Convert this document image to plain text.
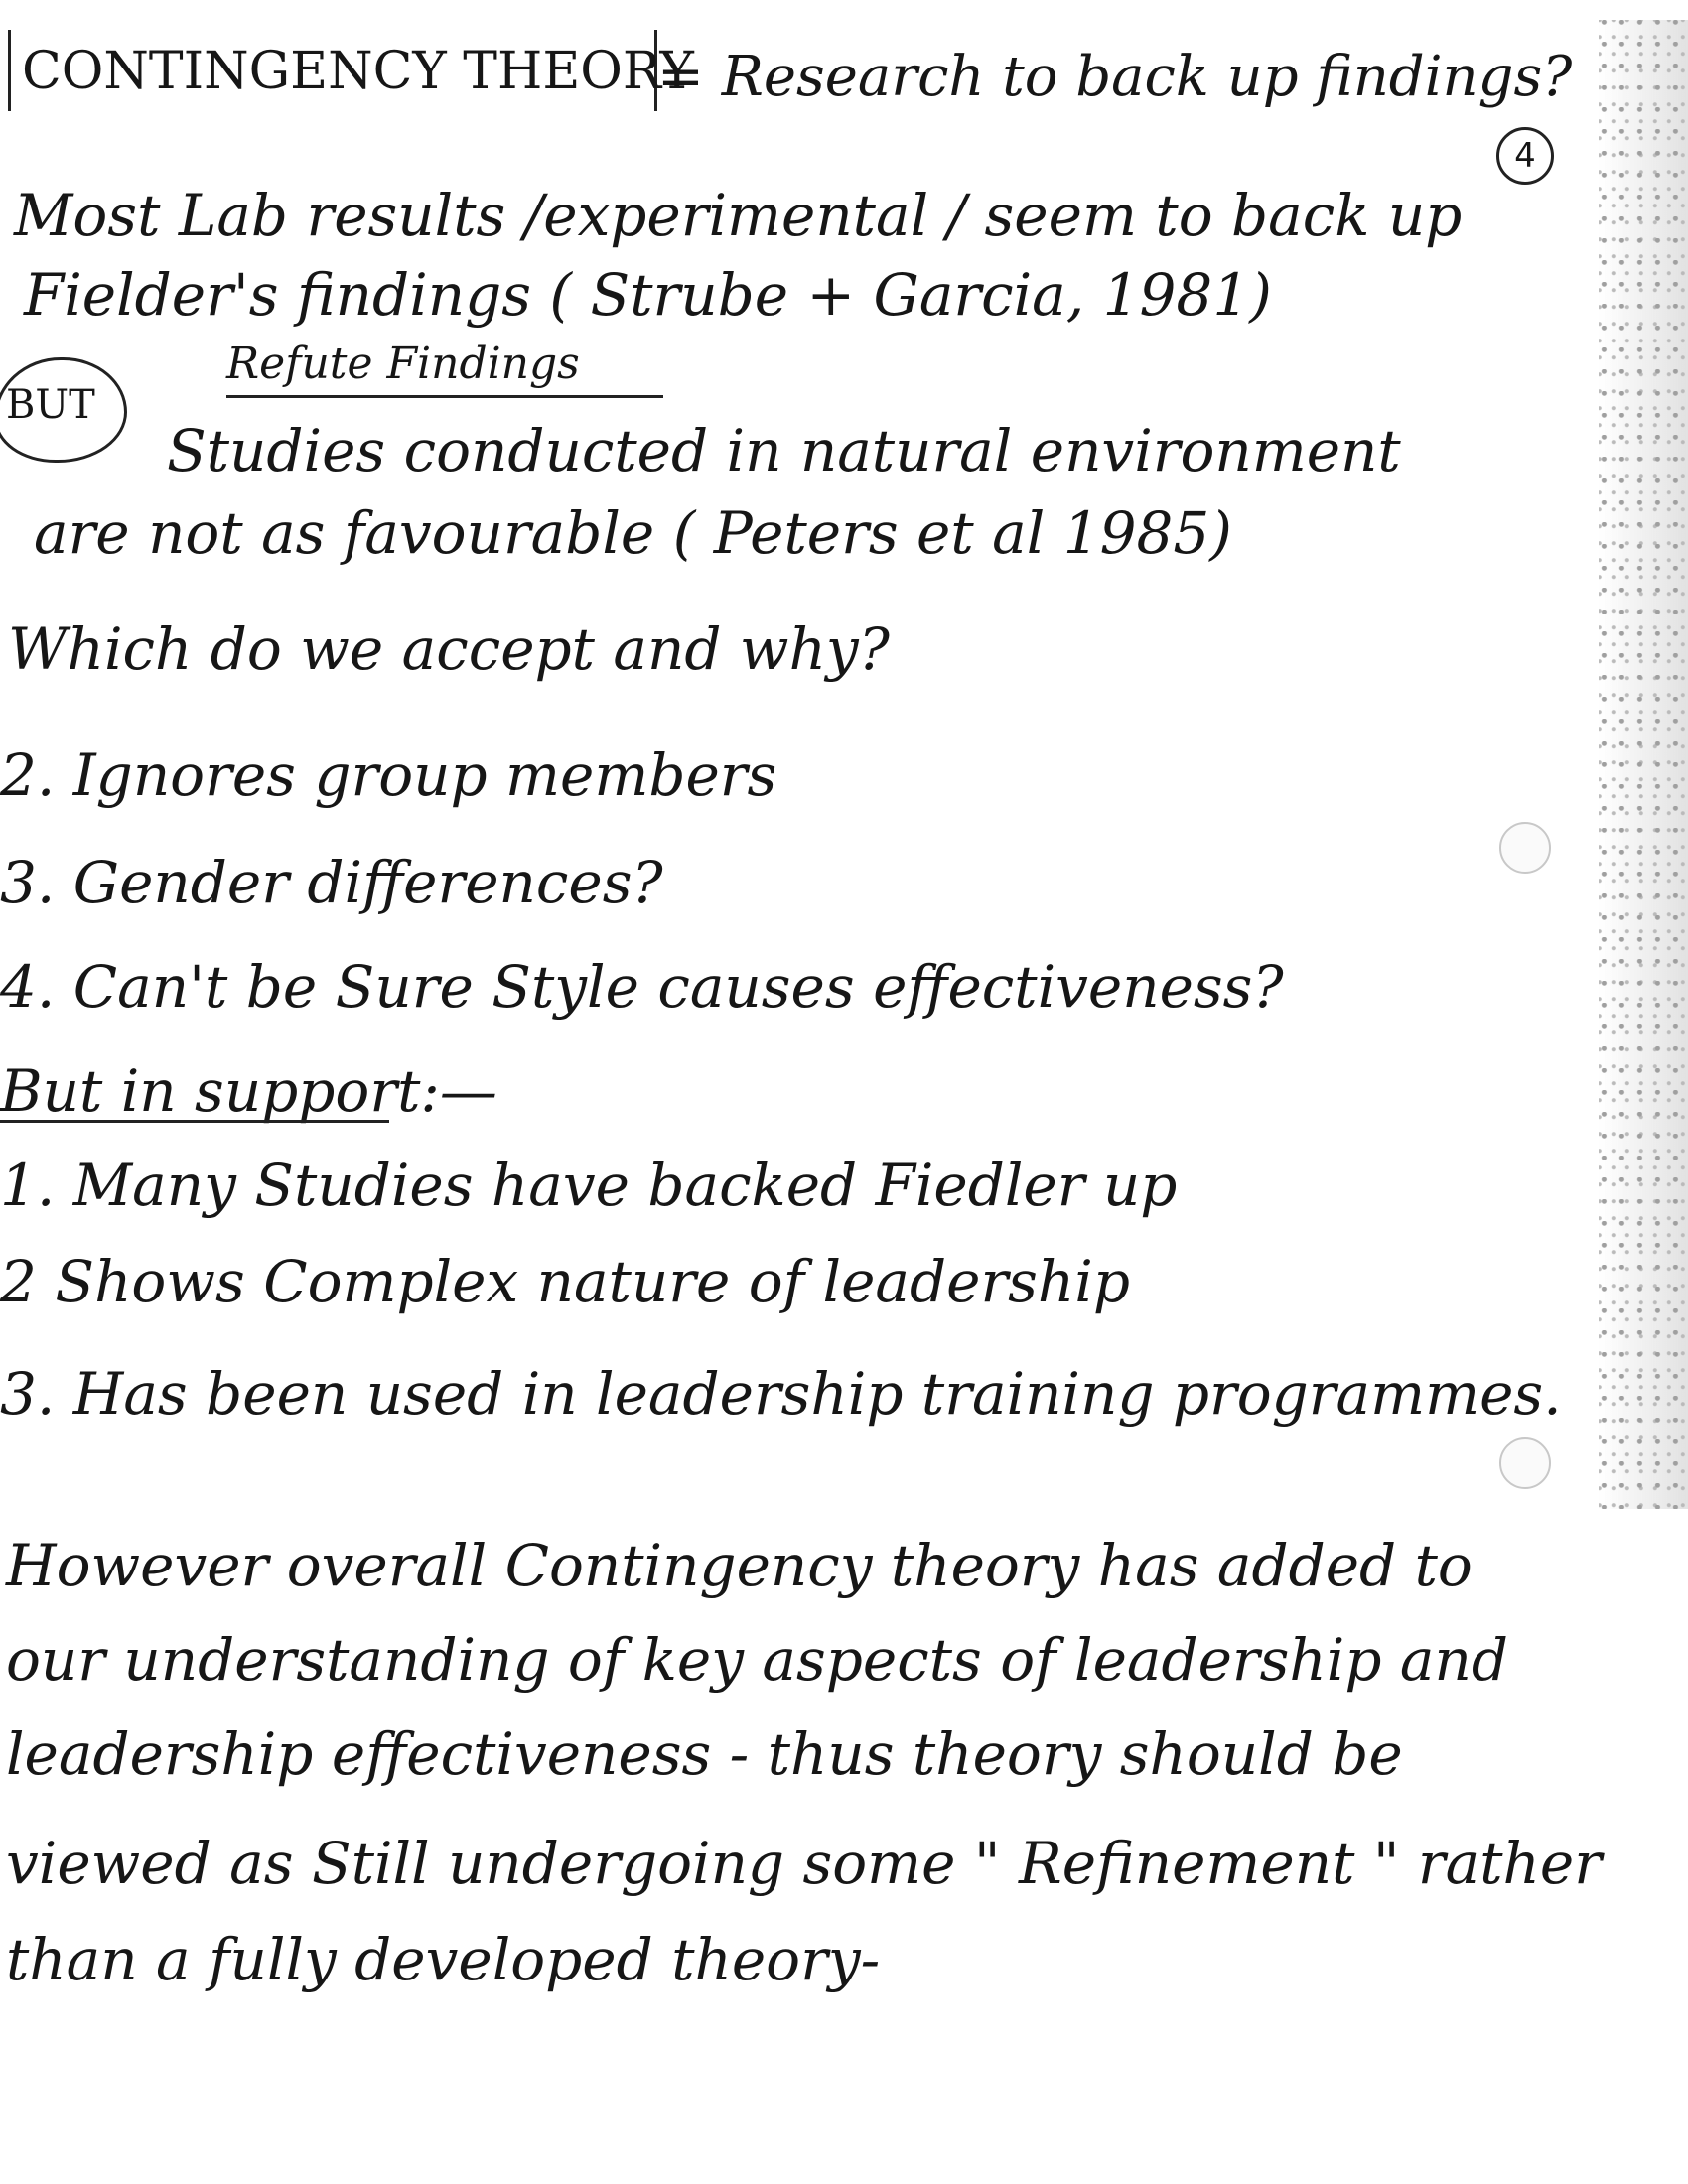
CONTINGENCY THEORY
= Research to back up findings?
4
Most Lab results /experimental / seem to back up
Fielder's findings ( Strube + Garcia, 1981)
Refute Findings
BUT
Studies conducted in natural environment
are not as favourable ( Peters et al 1985)
Which do we accept and why?
2. Ignores group members
3. Gender differences?
4. Can't be Sure Style causes effectiveness?
But in support:—
1. Many Studies have backed Fiedler up
2 Shows Complex nature of leadership
3. Has been used in leadership training programmes.
However overall Contingency theory has added to
our understanding of key aspects of leadership and
leadership effectiveness - thus theory should be
viewed as Still undergoing some " Refinement " rather
than a fully developed theory-
